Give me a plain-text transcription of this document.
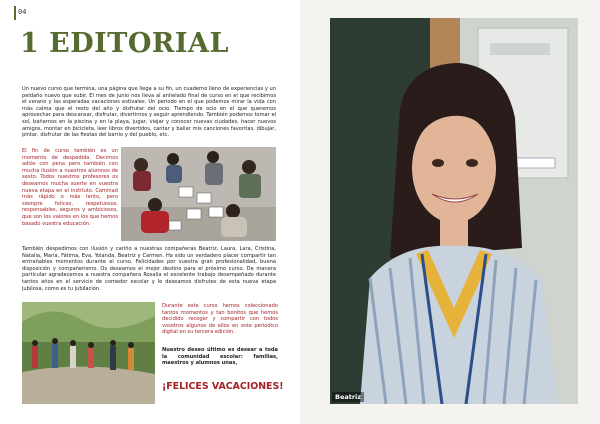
04
1 EDITORIAL

Un nuevo curso que termina, una página que llega a su fin, un cuaderno lleno de experiencias y un peldaño nuevo que subir. El mes de junio nos lleva al anhelado final de curso en el que recibimos el verano y las esperadas vacaciones estivales. Un periodo en el que podemos mirar la vida con más calma que el resto del año y disfrutar del ocio. Tiempo de ocio en el que queremos aprovechar para descansar, disfrutar, divertirnos y seguir aprendiendo. También podemos tomar el sol, bañarnos en la piscina y en la playa, jugar, viajar y conocer nuevas ciudades, hacer nuevos amigos, montar en bicicleta, leer libros divertidos, cantar y bailar mis canciones favoritas, dibujar, pintar, disfrutar de las fiestas del barrio y del pueblo, etc.

El fin de curso también es un momento de despedida. Decimos adiós con pena pero también con mucha ilusión a nuestros alumnos de sexto. Todos nuestros profesores os deseamos mucha suerte en vuestra nueva etapa en el instituto. Caminad más rápido o más lento, pero siempre felices, respetuosos, responsables, seguros y ambiciosos, que son los valores en los que hemos basado vuestra educación.

También despedimos con ilusión y cariño a nuestras compañeras Beatriz, Laura, Lara, Cristina, Natalia, María, Fátima, Eva, Yolanda, Beatriz y Carmen. Ha sido un verdadero placer compartir tan entrañables momentos durante el curso. Felicidades por vuestra gran profesionalidad, buena disposición y compañerismo. Os deseamos el mejor destino para el próximo curso. De manera particular agradecemos a nuestra compañera Rosalía el excelente trabajo desempeñado durante tantos años en el servicio de comedor escolar y le deseamos disfrutes de esta nueva etapa jubilosa, como es tu jubilación.

Durante este curso hemos coleccionado tantos momentos y tan bonitos que hemos decidido recoger y compartir con todos vosotros algunos de ellos en este periódico digital en su tercera edición.

Nuestro deseo último es desear a toda la comunidad escolar: familias, maestros y alumnos unas,

¡FELICES VACACIONES!

Beatriz
